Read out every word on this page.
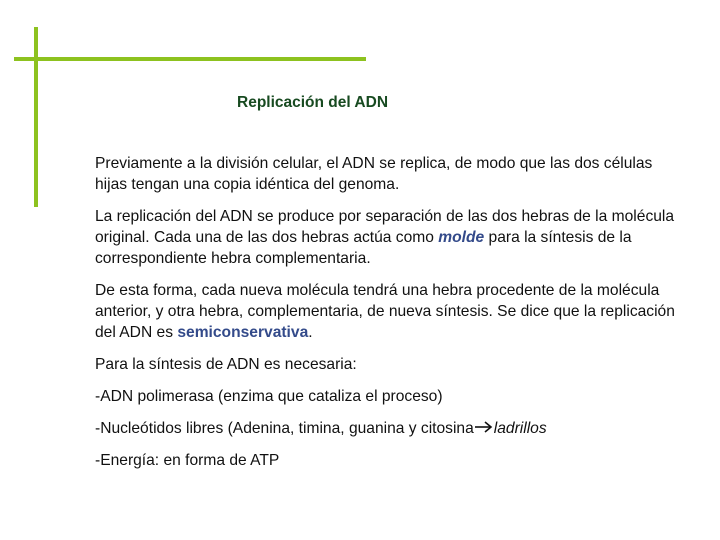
Replicación del ADN

Previamente a la división celular, el ADN se replica, de modo que las dos células hijas tengan una copia idéntica del genoma.

La replicación del ADN se produce por separación de las dos hebras de la molécula original. Cada una de las dos hebras actúa como molde para la síntesis de la correspondiente hebra complementaria.

De esta forma, cada nueva molécula tendrá una hebra procedente de la molécula anterior, y otra hebra, complementaria, de nueva síntesis. Se dice que la replicación del ADN es semiconservativa.

Para la síntesis de ADN es necesaria:

-ADN polimerasa (enzima que cataliza el proceso)

-Nucleótidos libres (Adenina, timina, guanina y citosina ladrillos

-Energía: en forma de ATP
